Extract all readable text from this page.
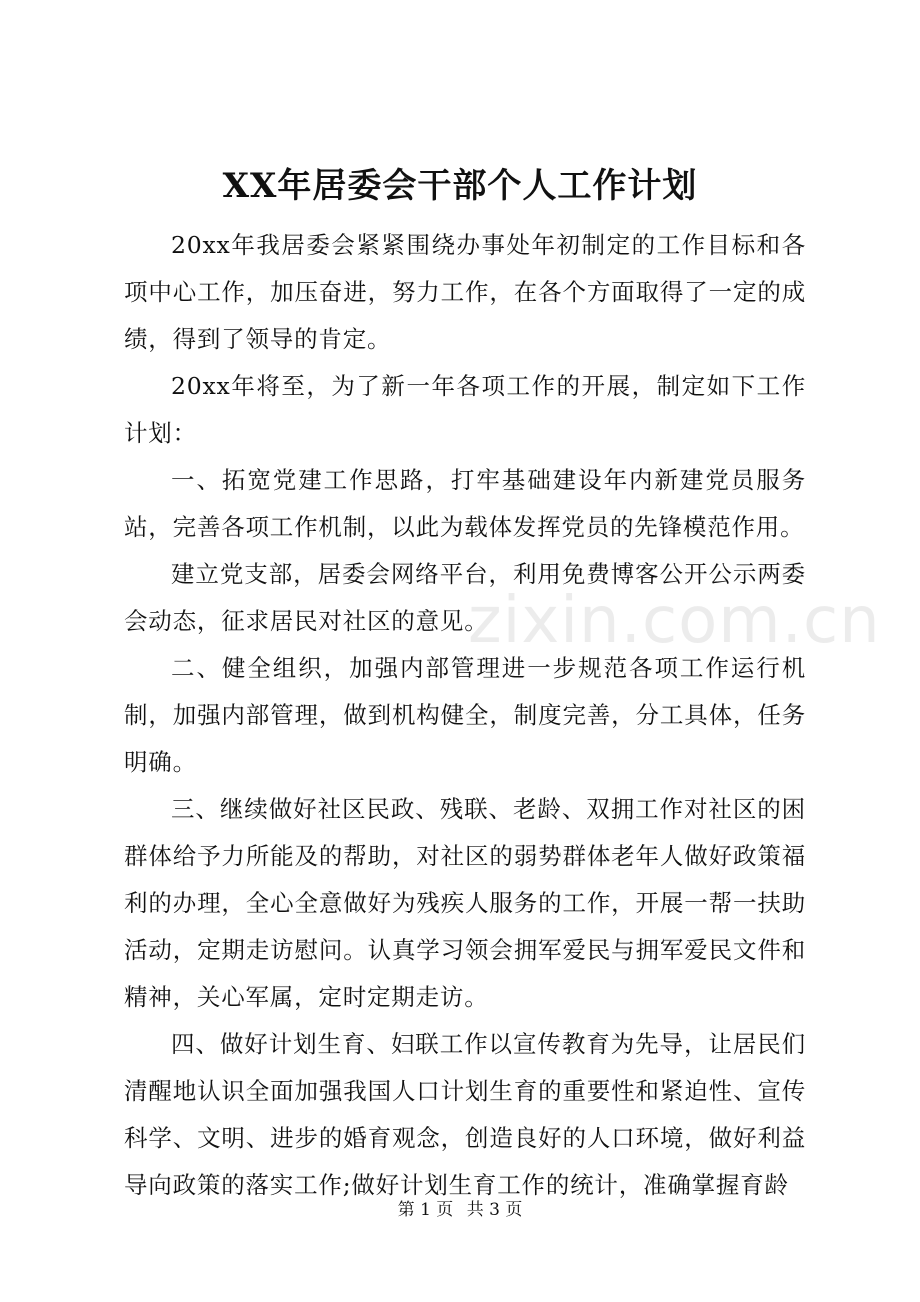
XX年居委会干部个人工作计划

20xx年我居委会紧紧围绕办事处年初制定的工作目标和各项中心工作，加压奋进，努力工作，在各个方面取得了一定的成绩，得到了领导的肯定。

20xx年将至，为了新一年各项工作的开展，制定如下工作计划：

一、拓宽党建工作思路，打牢基础建设年内新建党员服务站，完善各项工作机制，以此为载体发挥党员的先锋模范作用。

建立党支部，居委会网络平台，利用免费博客公开公示两委会动态，征求居民对社区的意见。

二、健全组织，加强内部管理进一步规范各项工作运行机制，加强内部管理，做到机构健全，制度完善，分工具体，任务明确。

三、继续做好社区民政、残联、老龄、双拥工作对社区的困群体给予力所能及的帮助，对社区的弱势群体老年人做好政策福利的办理，全心全意做好为残疾人服务的工作，开展一帮一扶助活动，定期走访慰问。认真学习领会拥军爱民与拥军爱民文件和精神，关心军属，定时定期走访。

四、做好计划生育、妇联工作以宣传教育为先导，让居民们清醒地认识全面加强我国人口计划生育的重要性和紧迫性、宣传科学、文明、进步的婚育观念，创造良好的人口环境，做好利益导向政策的落实工作;做好计划生育工作的统计，准确掌握育龄

zixin.com.cn
第 1 页 共 3 页
